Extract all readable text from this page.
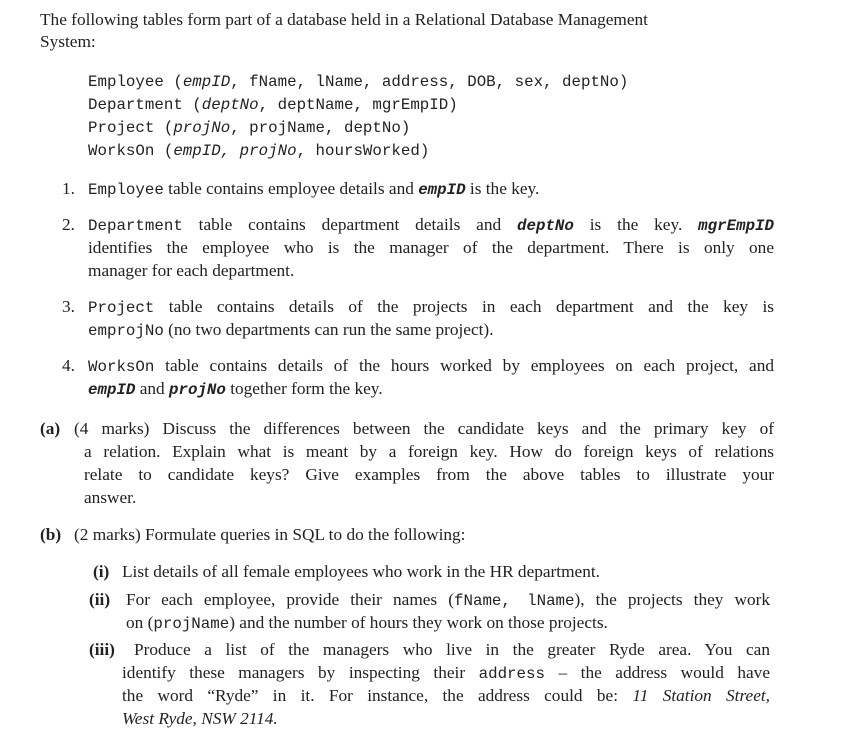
The following tables form part of a database held in a Relational Database Management
System:
Employee (empID, fName, lName, address, DOB, sex, deptNo)
Department (deptNo, deptName, mgrEmpID)
Project (projNo, projName, deptNo)
WorksOn (empID, projNo, hoursWorked)
1. Employee table contains employee details and empID is the key.
2. Department table contains department details and deptNo is the key. mgrEmpID
identifies the employee who is the manager of the department. There is only one
manager for each department.
3. Project table contains details of the projects in each department and the key is
emprojNo (no two departments can run the same project).
4. WorksOn table contains details of the hours worked by employees on each project, and
empID and projNo together form the key.
(a) (4 marks) Discuss the differences between the candidate keys and the primary key of
a relation. Explain what is meant by a foreign key. How do foreign keys of relations
relate to candidate keys? Give examples from the above tables to illustrate your
answer.
(b) (2 marks) Formulate queries in SQL to do the following:
(i) List details of all female employees who work in the HR department.
(ii) For each employee, provide their names (fName, lName), the projects they work
on (projName) and the number of hours they work on those projects.
(iii) Produce a list of the managers who live in the greater Ryde area. You can
identify these managers by inspecting their address – the address would have
the word “Ryde” in it. For instance, the address could be: 11 Station Street,
West Ryde, NSW 2114.
